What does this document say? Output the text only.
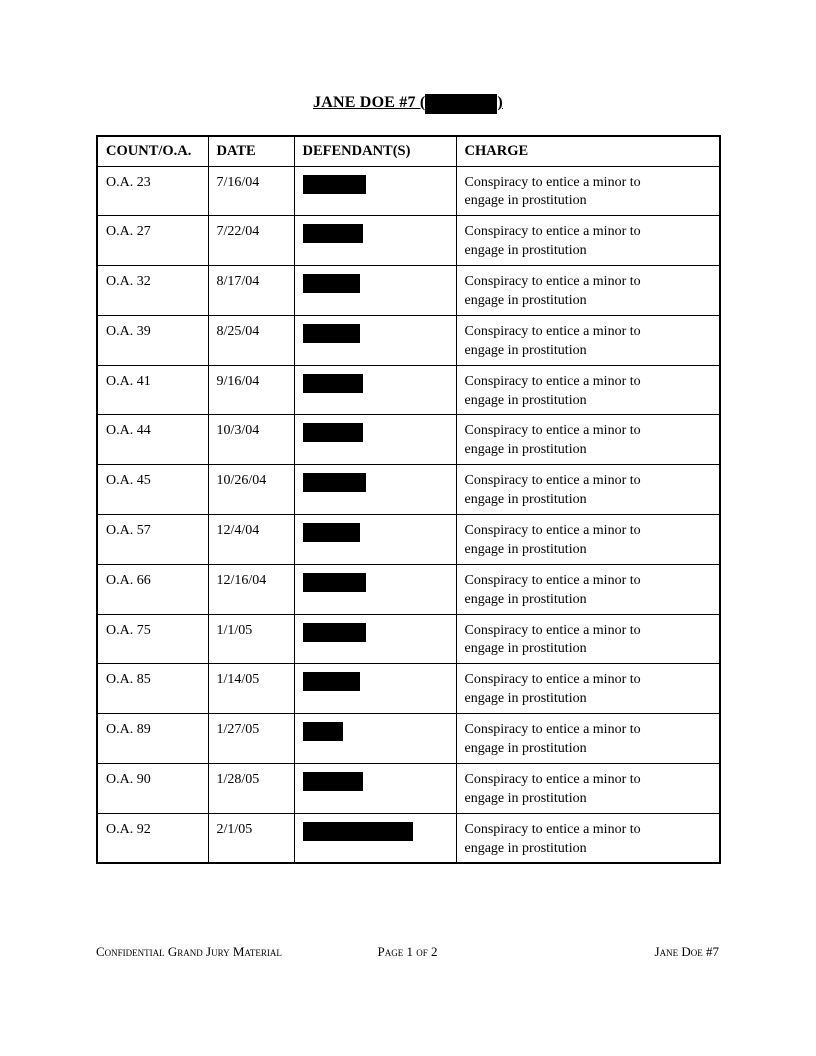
JANE DOE #7 (	)
COUNT/O.A.	DATE	DEFENDANT(S)	CHARGE
O.A. 23	7/16/04		Conspiracy to entice a minor to
engage in prostitution
O.A. 27	7/22/04		Conspiracy to entice a minor to
engage in prostitution
O.A. 32	8/17/04		Conspiracy to entice a minor to
engage in prostitution
O.A. 39	8/25/04		Conspiracy to entice a minor to
engage in prostitution
O.A. 41	9/16/04		Conspiracy to entice a minor to
engage in prostitution
O.A. 44	10/3/04		Conspiracy to entice a minor to
engage in prostitution
O.A. 45	10/26/04		Conspiracy to entice a minor to
engage in prostitution
O.A. 57	12/4/04		Conspiracy to entice a minor to
engage in prostitution
O.A. 66	12/16/04		Conspiracy to entice a minor to
engage in prostitution
O.A. 75	1/1/05		Conspiracy to entice a minor to
engage in prostitution
O.A. 85	1/14/05		Conspiracy to entice a minor to
engage in prostitution
O.A. 89	1/27/05		Conspiracy to entice a minor to
engage in prostitution
O.A. 90	1/28/05		Conspiracy to entice a minor to
engage in prostitution
O.A. 92	2/1/05		Conspiracy to entice a minor to
engage in prostitution
Confidential Grand Jury Material	Page 1 of 2	Jane Doe #7
